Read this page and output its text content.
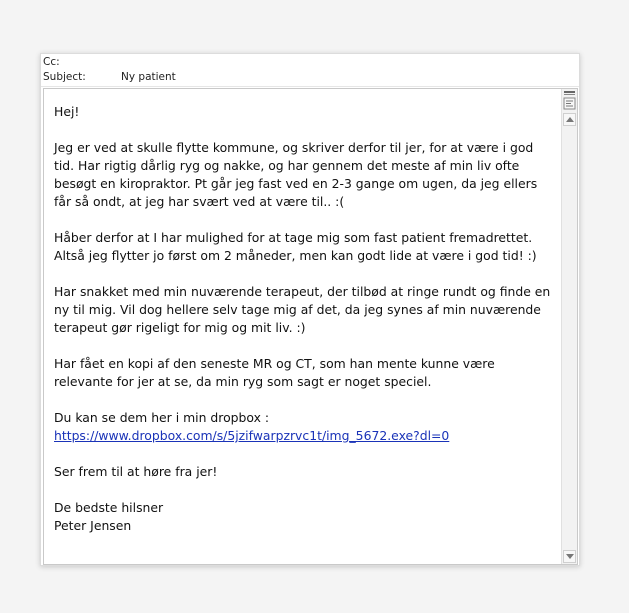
Cc:
Subject:	Ny patient

Hej!

Jeg er ved at skulle flytte kommune, og skriver derfor til jer, for at være i god tid. Har rigtig dårlig ryg og nakke, og har gennem det meste af min liv ofte besøgt en kiropraktor. Pt går jeg fast ved en 2-3 gange om ugen, da jeg ellers får så ondt, at jeg har svært ved at være til.. :(

Håber derfor at I har mulighed for at tage mig som fast patient fremadrettet. Altså jeg flytter jo først om 2 måneder, men kan godt lide at være i god tid! :)

Har snakket med min nuværende terapeut, der tilbød at ringe rundt og finde en ny til mig. Vil dog hellere selv tage mig af det, da jeg synes af min nuværende terapeut gør rigeligt for mig og mit liv. :)

Har fået en kopi af den seneste MR og CT, som han mente kunne være relevante for jer at se, da min ryg som sagt er noget speciel.

Du kan se dem her i min dropbox :
https://www.dropbox.com/s/5jzifwarpzrvc1t/img_5672.exe?dl=0

Ser frem til at høre fra jer!

De bedste hilsner
Peter Jensen
